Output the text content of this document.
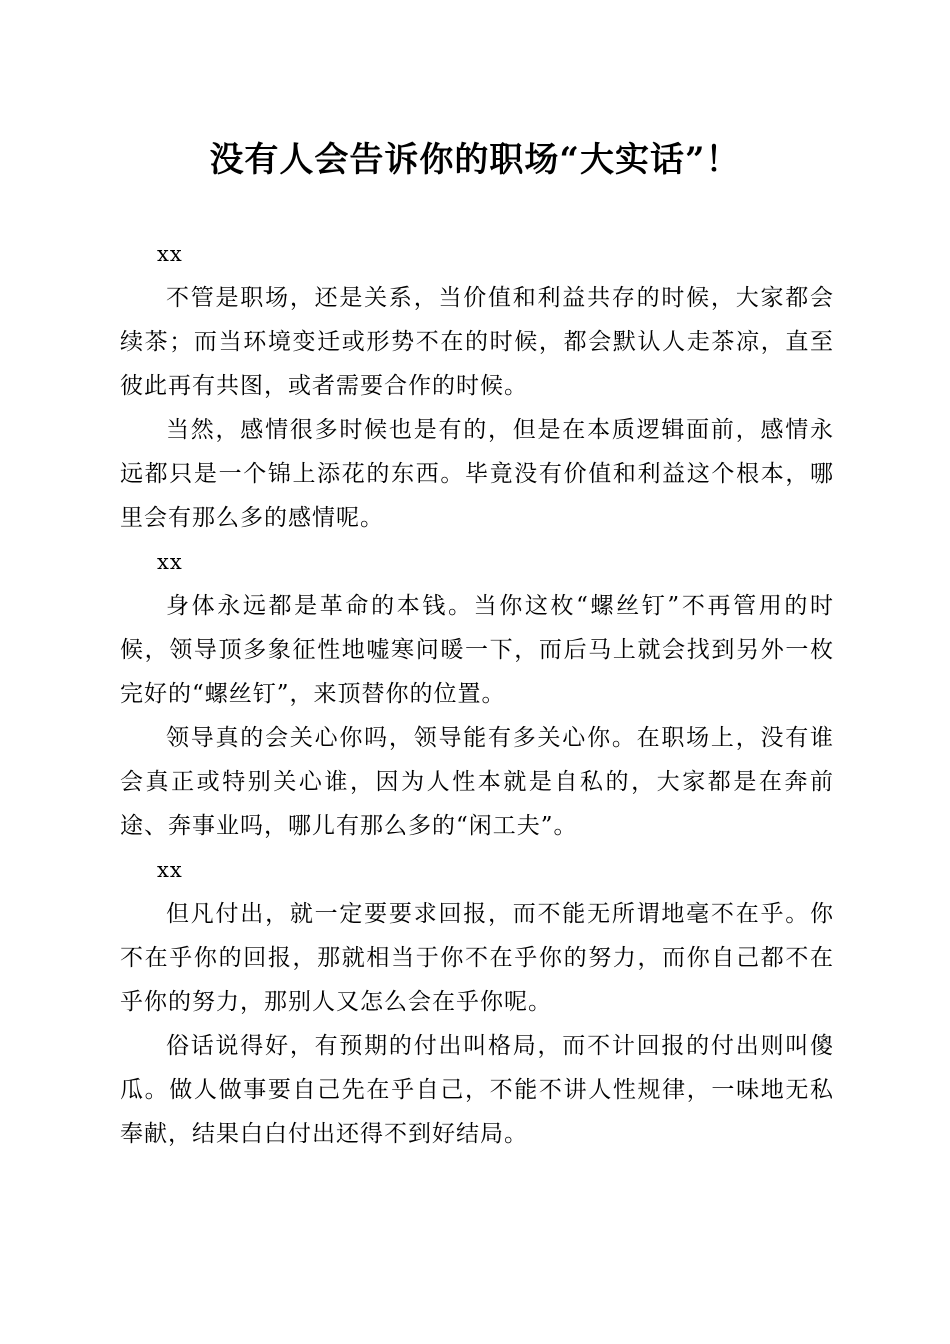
没有人会告诉你的职场“大实话”！

xx

不管是职场，还是关系，当价值和利益共存的时候，大家都会续茶；而当环境变迁或形势不在的时候，都会默认人走茶凉，直至彼此再有共图，或者需要合作的时候。

当然，感情很多时候也是有的，但是在本质逻辑面前，感情永远都只是一个锦上添花的东西。毕竟没有价值和利益这个根本，哪里会有那么多的感情呢。

xx

身体永远都是革命的本钱。当你这枚“螺丝钉”不再管用的时候，领导顶多象征性地嘘寒问暖一下，而后马上就会找到另外一枚完好的“螺丝钉”，来顶替你的位置。

领导真的会关心你吗，领导能有多关心你。在职场上，没有谁会真正或特别关心谁，因为人性本就是自私的，大家都是在奔前途、奔事业吗，哪儿有那么多的“闲工夫”。

xx

但凡付出，就一定要要求回报，而不能无所谓地毫不在乎。你不在乎你的回报，那就相当于你不在乎你的努力，而你自己都不在乎你的努力，那别人又怎么会在乎你呢。

俗话说得好，有预期的付出叫格局，而不计回报的付出则叫傻瓜。做人做事要自己先在乎自己，不能不讲人性规律，一味地无私奉献，结果白白付出还得不到好结局。
